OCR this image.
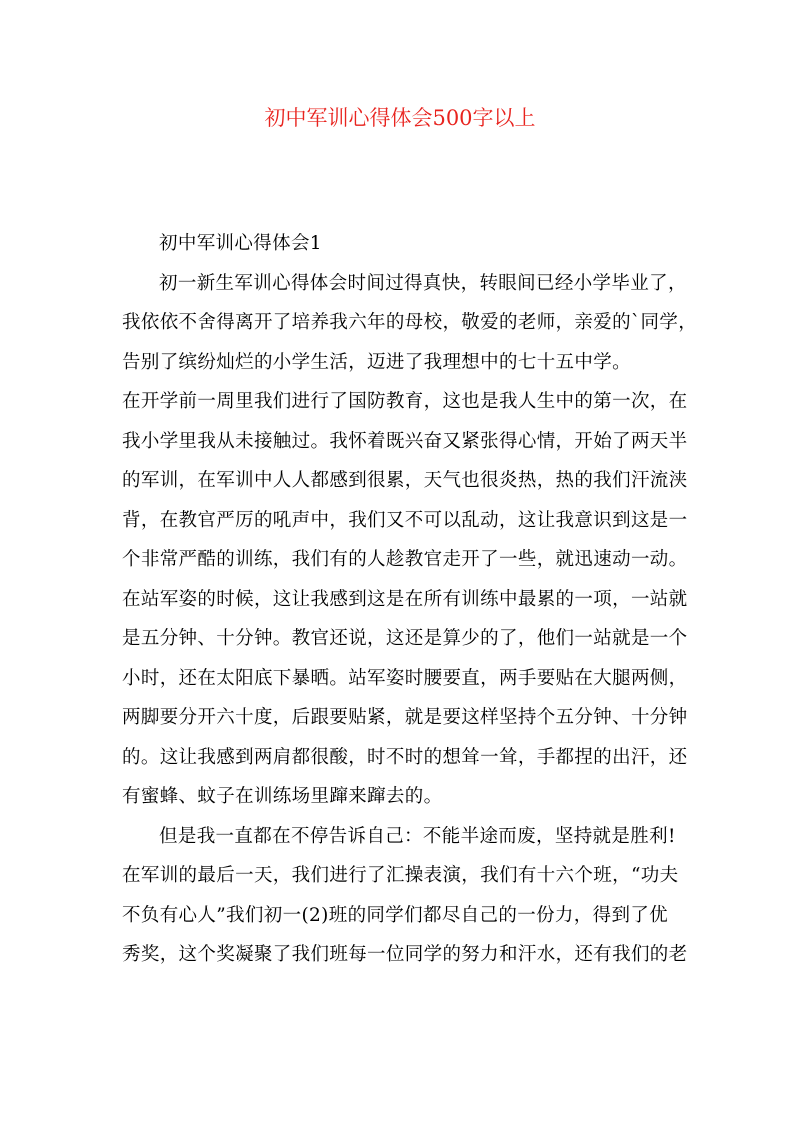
初中军训心得体会500字以上
初中军训心得体会1
初一新生军训心得体会时间过得真快，转眼间已经小学毕业了，
我依依不舍得离开了培养我六年的母校，敬爱的老师，亲爱的`同学，
告别了缤纷灿烂的小学生活，迈进了我理想中的七十五中学。
在开学前一周里我们进行了国防教育，这也是我人生中的第一次，在
我小学里我从未接触过。我怀着既兴奋又紧张得心情，开始了两天半
的军训，在军训中人人都感到很累，天气也很炎热，热的我们汗流浃
背，在教官严厉的吼声中，我们又不可以乱动，这让我意识到这是一
个非常严酷的训练，我们有的人趁教官走开了一些，就迅速动一动。
在站军姿的时候，这让我感到这是在所有训练中最累的一项，一站就
是五分钟、十分钟。教官还说，这还是算少的了，他们一站就是一个
小时，还在太阳底下暴晒。站军姿时腰要直，两手要贴在大腿两侧，
两脚要分开六十度，后跟要贴紧，就是要这样坚持个五分钟、十分钟
的。这让我感到两肩都很酸，时不时的想耸一耸，手都捏的出汗，还
有蜜蜂、蚊子在训练场里蹿来蹿去的。
但是我一直都在不停告诉自己：不能半途而废，坚持就是胜利!
在军训的最后一天，我们进行了汇操表演，我们有十六个班，“功夫
不负有心人”我们初一(2)班的同学们都尽自己的一份力，得到了优
秀奖，这个奖凝聚了我们班每一位同学的努力和汗水，还有我们的老
